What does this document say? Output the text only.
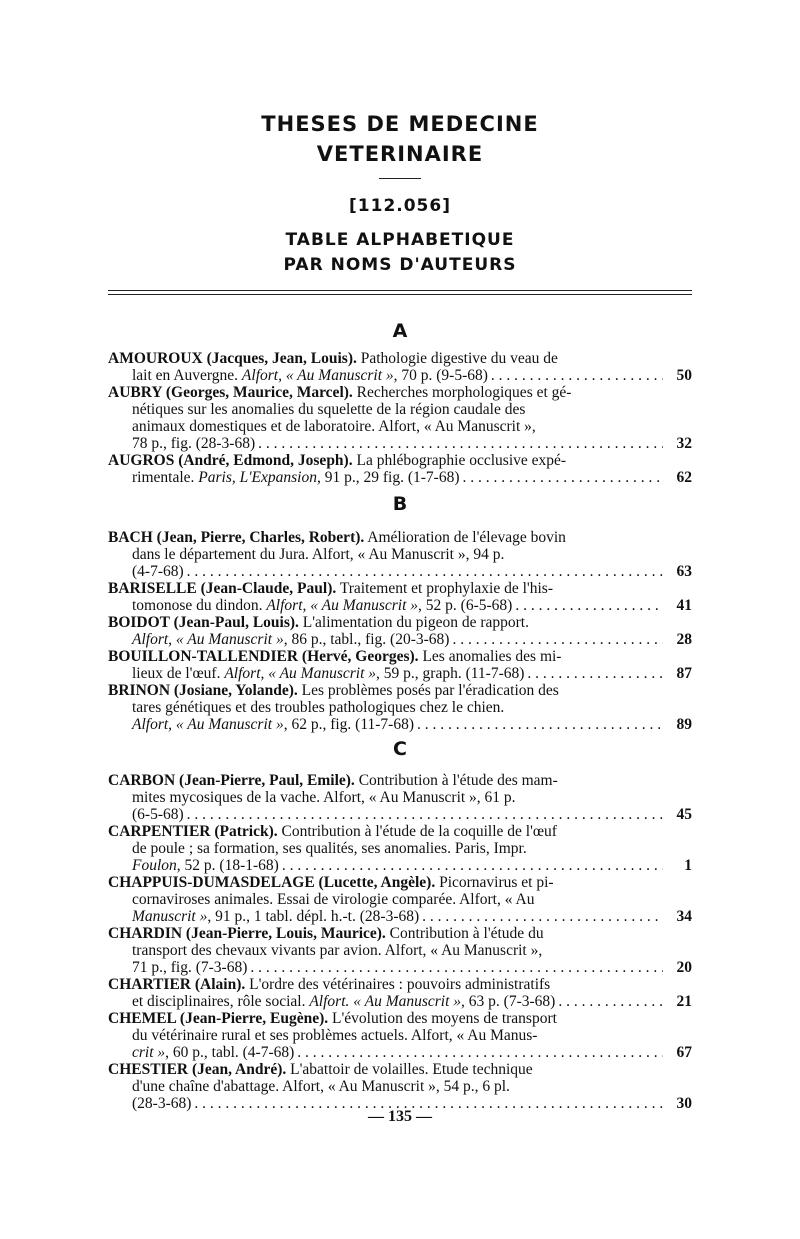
THESES DE MEDECINE
VETERINAIRE
[112.056]
TABLE ALPHABETIQUE
PAR NOMS D'AUTEURS
A
AMOUROUX (Jacques, Jean, Louis). Pathologie digestive du veau de
lait en Auvergne. Alfort, « Au Manuscrit », 70 p. (9-5-68) . . .	50
AUBRY (Georges, Maurice, Marcel). Recherches morphologiques et gé-
nétiques sur les anomalies du squelette de la région caudale des
animaux domestiques et de laboratoire. Alfort, « Au Manuscrit »,
78 p., fig. (28-3-68) . . .	32
AUGROS (André, Edmond, Joseph). La phlébographie occlusive expé-
rimentale. Paris, L'Expansion, 91 p., 29 fig. (1-7-68) . . .	62
B
BACH (Jean, Pierre, Charles, Robert). Amélioration de l'élevage bovin
dans le département du Jura. Alfort, « Au Manuscrit », 94 p.
(4-7-68) . . .	63
BARISELLE (Jean-Claude, Paul). Traitement et prophylaxie de l'his-
tomonose du dindon. Alfort, « Au Manuscrit », 52 p. (6-5-68) . . .	41
BOIDOT (Jean-Paul, Louis). L'alimentation du pigeon de rapport.
Alfort, « Au Manuscrit », 86 p., tabl., fig. (20-3-68) . . .	28
BOUILLON-TALLENDIER (Hervé, Georges). Les anomalies des mi-
lieux de l'œuf. Alfort, « Au Manuscrit », 59 p., graph. (11-7-68) . . .	87
BRINON (Josiane, Yolande). Les problèmes posés par l'éradication des
tares génétiques et des troubles pathologiques chez le chien.
Alfort, « Au Manuscrit », 62 p., fig. (11-7-68) . . .	89
C
CARBON (Jean-Pierre, Paul, Emile). Contribution à l'étude des mam-
mites mycosiques de la vache. Alfort, « Au Manuscrit », 61 p.
(6-5-68) . . .	45
CARPENTIER (Patrick). Contribution à l'étude de la coquille de l'œuf
de poule ; sa formation, ses qualités, ses anomalies. Paris, Impr.
Foulon, 52 p. (18-1-68) . . .	1
CHAPPUIS-DUMASDELAGE (Lucette, Angèle). Picornavirus et pi-
cornaviroses animales. Essai de virologie comparée. Alfort, « Au
Manuscrit », 91 p., 1 tabl. dépl. h.-t. (28-3-68) . . .	34
CHARDIN (Jean-Pierre, Louis, Maurice). Contribution à l'étude du
transport des chevaux vivants par avion. Alfort, « Au Manuscrit »,
71 p., fig. (7-3-68) . . .	20
CHARTIER (Alain). L'ordre des vétérinaires : pouvoirs administratifs
et disciplinaires, rôle social. Alfort. « Au Manuscrit », 63 p. (7-3-68) . . .	21
CHEMEL (Jean-Pierre, Eugène). L'évolution des moyens de transport
du vétérinaire rural et ses problèmes actuels. Alfort, « Au Manus-
crit », 60 p., tabl. (4-7-68) . . .	67
CHESTIER (Jean, André). L'abattoir de volailles. Etude technique
d'une chaîne d'abattage. Alfort, « Au Manuscrit », 54 p., 6 pl.
(28-3-68) . . .	30
— 135 —
